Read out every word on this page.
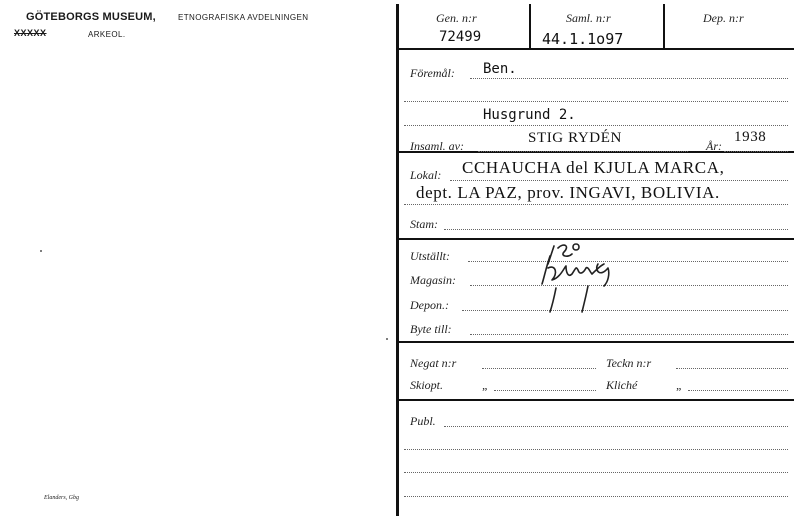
GÖTEBORGS MUSEUM,	ETNOGRAFISKA AVDELNINGEN
XXXXX	ARKEOL.
Elanders, Gbg
Gen. n:r
72499
Saml. n:r
44.1.1o97
Dep. n:r
Föremål: Ben.
Husgrund 2.
Insaml. av:	STIG RYDÉN	År:
1938
Lokal: CCHAUCHA del KJULA MARCA,
dept. LA PAZ, prov. INGAVI, BOLIVIA.
Stam:
Utställt:
Magasin:
Depon.:
Byte till:
Negat n:r	Teckn n:r
Skiopt.	„	Kliché	„
Publ.
